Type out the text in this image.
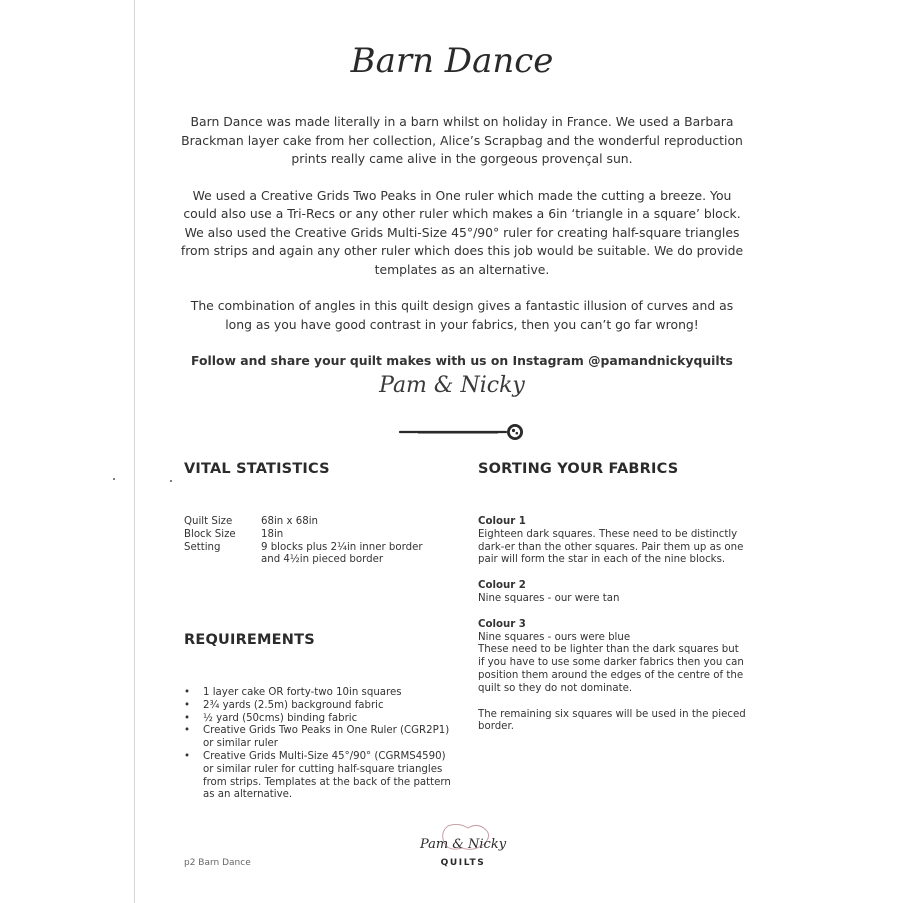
Barn Dance

Barn Dance was made literally in a barn whilst on holiday in France. We used a Barbara Brackman layer cake from her collection, Alice’s Scrapbag and the wonderful reproduction prints really came alive in the gorgeous provençal sun.

We used a Creative Grids Two Peaks in One ruler which made the cutting a breeze. You could also use a Tri-Recs or any other ruler which makes a 6in ‘triangle in a square’ block. We also used the Creative Grids Multi-Size 45°/90° ruler for creating half-square triangles from strips and again any other ruler which does this job would be suitable. We do provide templates as an alternative.

The combination of angles in this quilt design gives a fantastic illusion of curves and as long as you have good contrast in your fabrics, then you can’t go far wrong!

Follow and share your quilt makes with us on Instagram @pamandnickyquilts

Pam & Nicky
VITAL STATISTICS
Quilt Size	68in x 68in
Block Size	18in
Setting	9 blocks plus 2¼in inner border and 4½in pieced border
REQUIREMENTS
• 1 layer cake OR forty-two 10in squares
• 2¾ yards (2.5m) background fabric
• ½ yard (50cms) binding fabric
• Creative Grids Two Peaks in One Ruler (CGR2P1) or similar ruler
• Creative Grids Multi-Size 45°/90° (CGRMS4590) or similar ruler for cutting half-square triangles from strips. Templates at the back of the pattern as an alternative.
SORTING YOUR FABRICS
Colour 1
Eighteen dark squares. These need to be distinctly dark-er than the other squares. Pair them up as one pair will form the star in each of the nine blocks.
Colour 2
Nine squares - our were tan
Colour 3
Nine squares - ours were blue
These need to be lighter than the dark squares but if you have to use some darker fabrics then you can position them around the edges of the centre of the quilt so they do not dominate.
The remaining six squares will be used in the pieced border.
Pam & Nicky
QUILTS
p2 Barn Dance
